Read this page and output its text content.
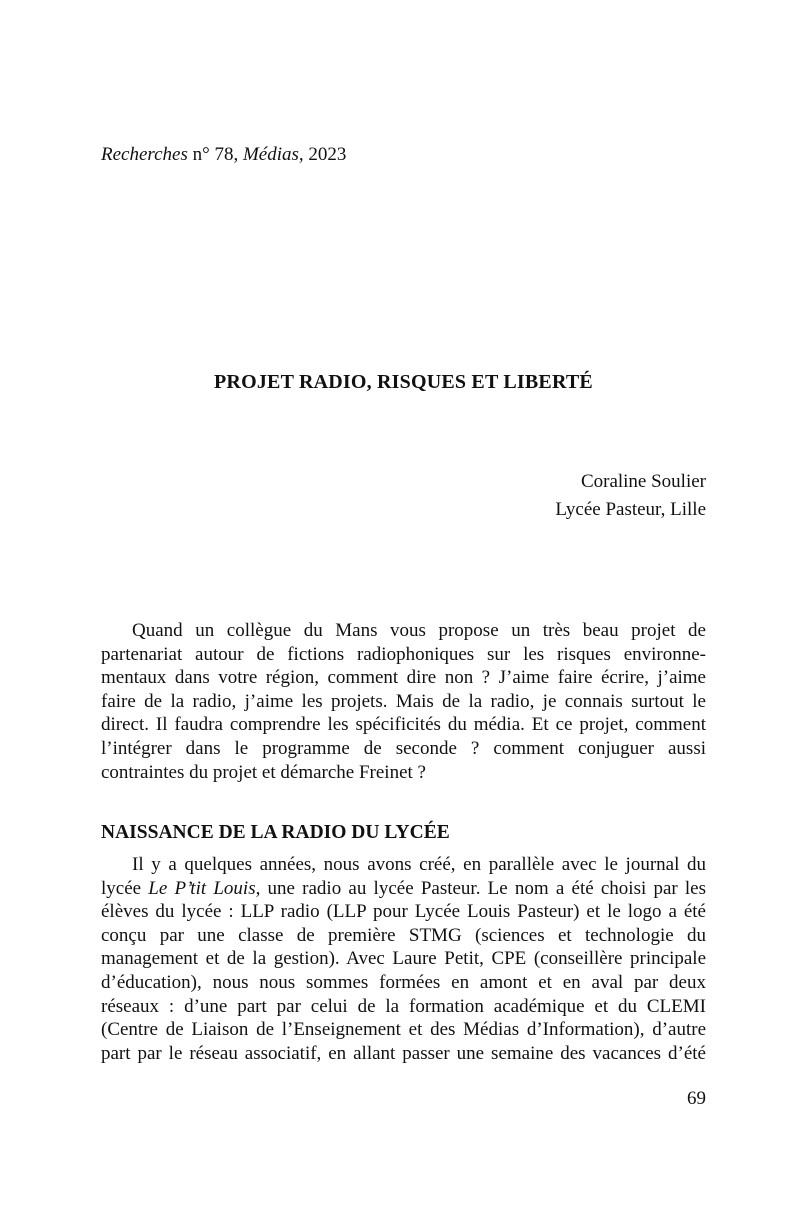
Recherches n° 78, Médias, 2023
PROJET RADIO, RISQUES ET LIBERTÉ
Coraline Soulier
Lycée Pasteur, Lille
Quand un collègue du Mans vous propose un très beau projet de
partenariat autour de fictions radiophoniques sur les risques environne-
mentaux dans votre région, comment dire non ? J’aime faire écrire, j’aime
faire de la radio, j’aime les projets. Mais de la radio, je connais surtout le
direct. Il faudra comprendre les spécificités du média. Et ce projet, comment
l’intégrer dans le programme de seconde ? comment conjuguer aussi
contraintes du projet et démarche Freinet ?
NAISSANCE DE LA RADIO DU LYCÉE
Il y a quelques années, nous avons créé, en parallèle avec le journal du
lycée Le P’tit Louis, une radio au lycée Pasteur. Le nom a été choisi par les
élèves du lycée : LLP radio (LLP pour Lycée Louis Pasteur) et le logo a été
conçu par une classe de première STMG (sciences et technologie du
management et de la gestion). Avec Laure Petit, CPE (conseillère principale
d’éducation), nous nous sommes formées en amont et en aval par deux
réseaux : d’une part par celui de la formation académique et du CLEMI
(Centre de Liaison de l’Enseignement et des Médias d’Information), d’autre
part par le réseau associatif, en allant passer une semaine des vacances d’été
69
